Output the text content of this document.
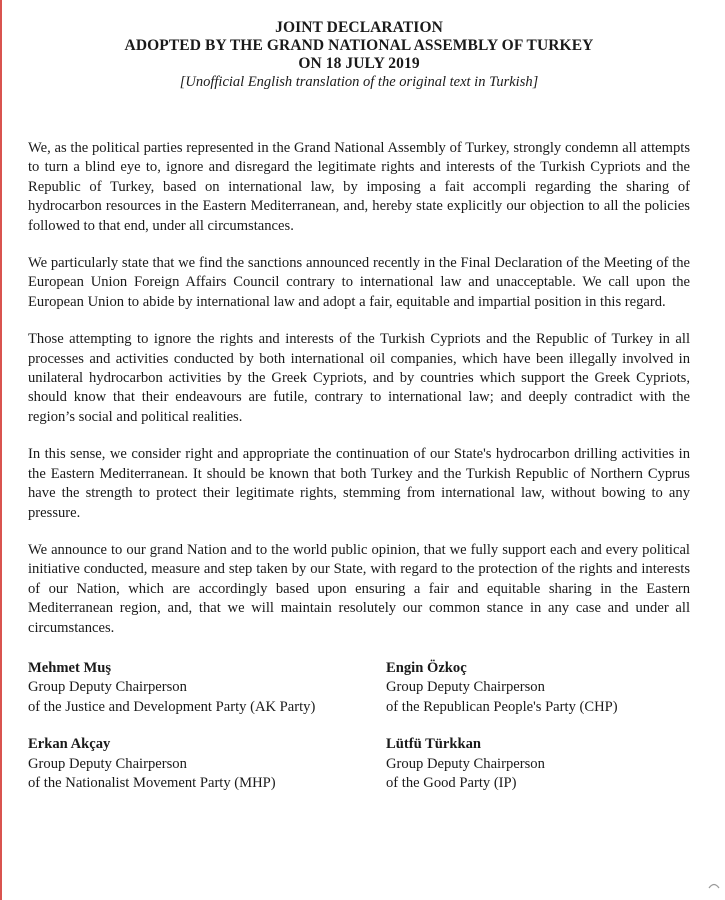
JOINT DECLARATION
ADOPTED BY THE GRAND NATIONAL ASSEMBLY OF TURKEY
ON 18 JULY 2019
[Unofficial English translation of the original text in Turkish]

We, as the political parties represented in the Grand National Assembly of Turkey, strongly condemn all attempts to turn a blind eye to, ignore and disregard the legitimate rights and interests of the Turkish Cypriots and the Republic of Turkey, based on international law, by imposing a fait accompli regarding the sharing of hydrocarbon resources in the Eastern Mediterranean, and, hereby state explicitly our objection to all the policies followed to that end, under all circumstances.

We particularly state that we find the sanctions announced recently in the Final Declaration of the Meeting of the European Union Foreign Affairs Council contrary to international law and unacceptable. We call upon the European Union to abide by international law and adopt a fair, equitable and impartial position in this regard.

Those attempting to ignore the rights and interests of the Turkish Cypriots and the Republic of Turkey in all processes and activities conducted by both international oil companies, which have been illegally involved in unilateral hydrocarbon activities by the Greek Cypriots, and by countries which support the Greek Cypriots, should know that their endeavours are futile, contrary to international law; and deeply contradict with the region’s social and political realities.

In this sense, we consider right and appropriate the continuation of our State's hydrocarbon drilling activities in the Eastern Mediterranean. It should be known that both Turkey and the Turkish Republic of Northern Cyprus have the strength to protect their legitimate rights, stemming from international law, without bowing to any pressure.

We announce to our grand Nation and to the world public opinion, that we fully support each and every political initiative conducted, measure and step taken by our State, with regard to the protection of the rights and interests of our Nation, which are accordingly based upon ensuring a fair and equitable sharing in the Eastern Mediterranean region, and, that we will maintain resolutely our common stance in any case and under all circumstances.

Mehmet Muş
Group Deputy Chairperson
of the Justice and Development Party (AK Party)
Engin Özkoç
Group Deputy Chairperson
of the Republican People's Party (CHP)
Erkan Akçay
Group Deputy Chairperson
of the Nationalist Movement Party (MHP)
Lütfü Türkkan
Group Deputy Chairperson
of the Good Party (IP)
